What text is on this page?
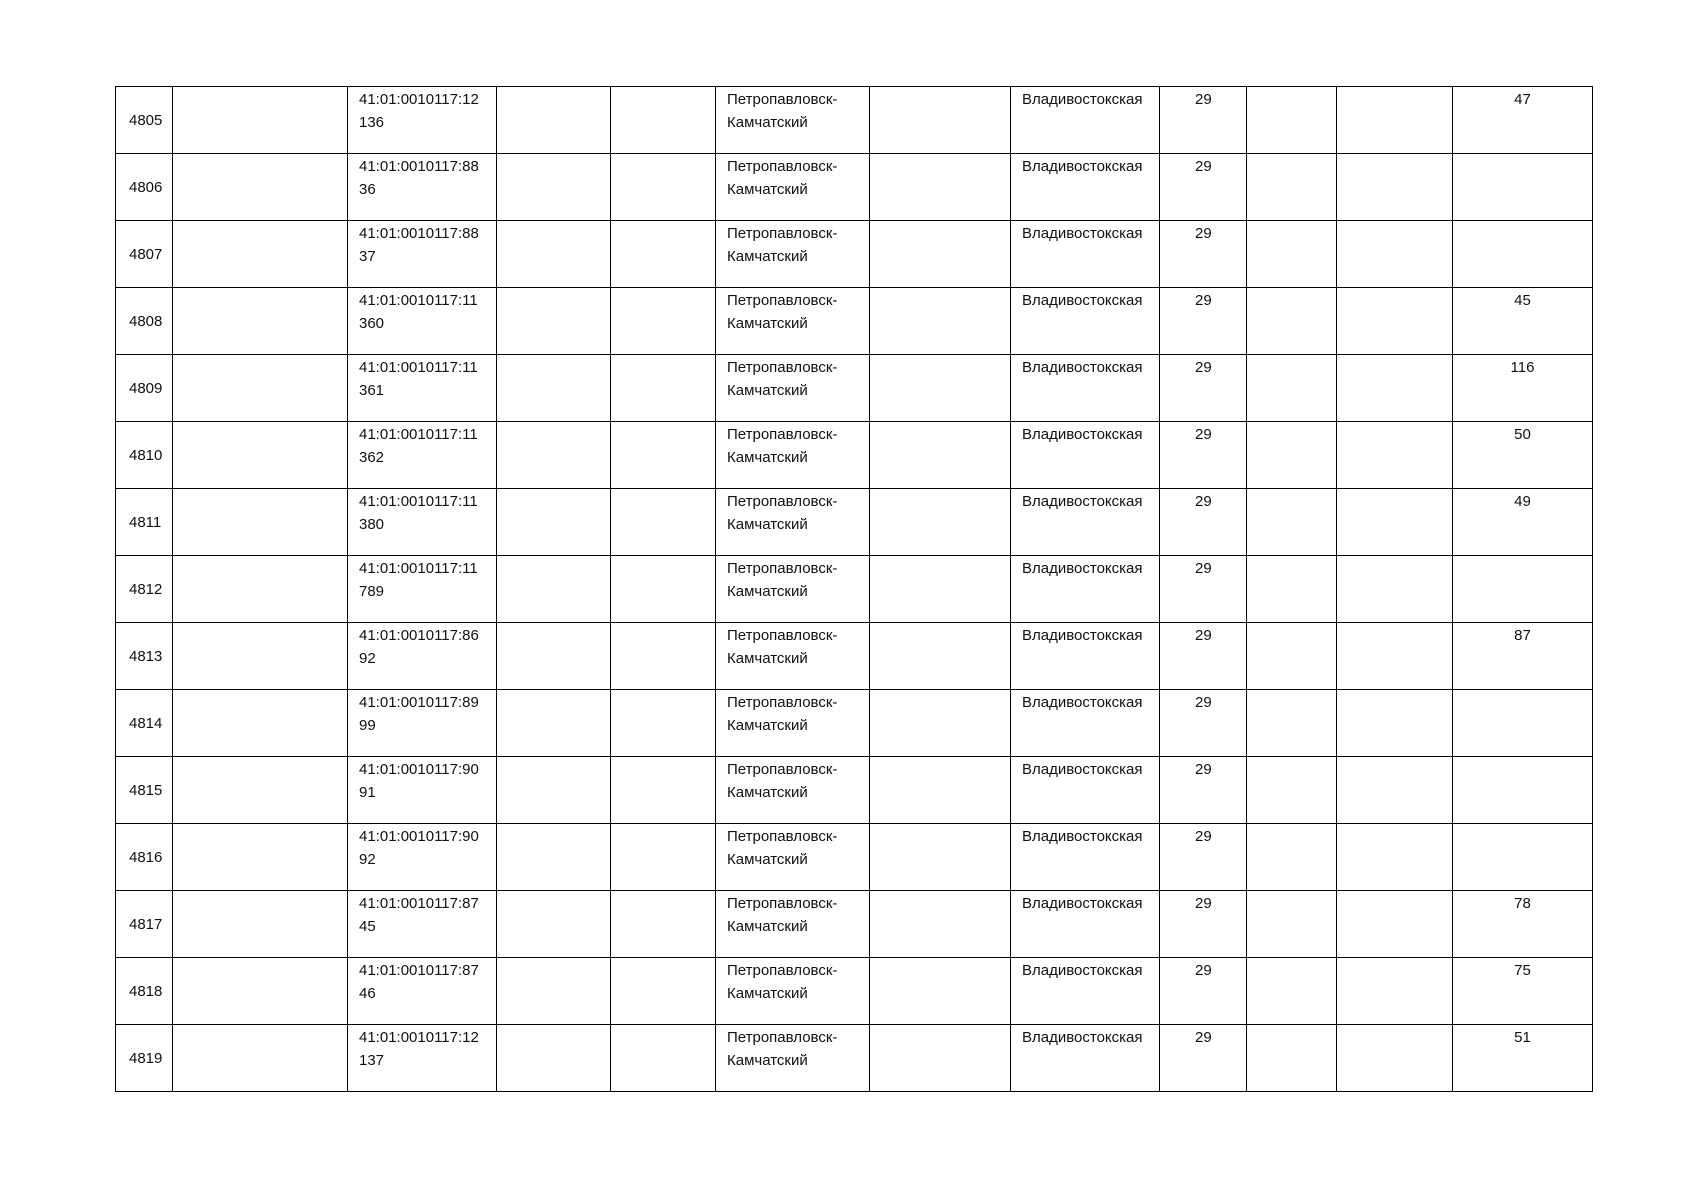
4805		41:01:0010117:12
136			Петропавловск-
Камчатский		Владивостокская	29			47
4806		41:01:0010117:88
36			Петропавловск-
Камчатский		Владивостокская	29			
4807		41:01:0010117:88
37			Петропавловск-
Камчатский		Владивостокская	29			
4808		41:01:0010117:11
360			Петропавловск-
Камчатский		Владивостокская	29			45
4809		41:01:0010117:11
361			Петропавловск-
Камчатский		Владивостокская	29			116
4810		41:01:0010117:11
362			Петропавловск-
Камчатский		Владивостокская	29			50
4811		41:01:0010117:11
380			Петропавловск-
Камчатский		Владивостокская	29			49
4812		41:01:0010117:11
789			Петропавловск-
Камчатский		Владивостокская	29			
4813		41:01:0010117:86
92			Петропавловск-
Камчатский		Владивостокская	29			87
4814		41:01:0010117:89
99			Петропавловск-
Камчатский		Владивостокская	29			
4815		41:01:0010117:90
91			Петропавловск-
Камчатский		Владивостокская	29			
4816		41:01:0010117:90
92			Петропавловск-
Камчатский		Владивостокская	29			
4817		41:01:0010117:87
45			Петропавловск-
Камчатский		Владивостокская	29			78
4818		41:01:0010117:87
46			Петропавловск-
Камчатский		Владивостокская	29			75
4819		41:01:0010117:12
137			Петропавловск-
Камчатский		Владивостокская	29			51
